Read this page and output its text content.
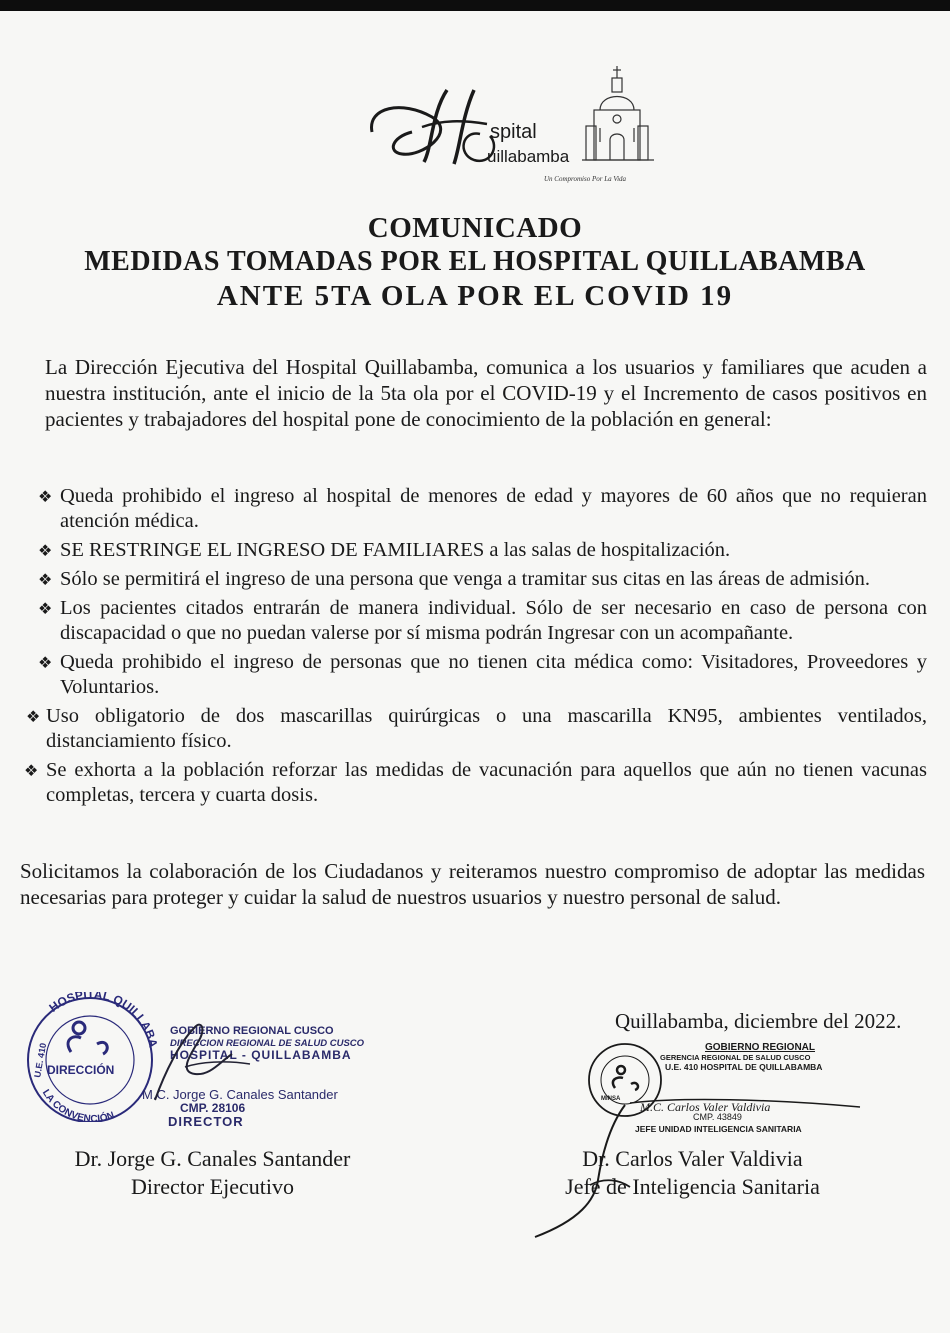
spital
uillabamba
Un Compromiso Por La Vida
COMUNICADO
MEDIDAS TOMADAS POR EL HOSPITAL QUILLABAMBA
ANTE 5TA OLA POR EL COVID 19
La Dirección Ejecutiva del Hospital Quillabamba, comunica a los usuarios y familiares que acuden a nuestra institución, ante el inicio de la 5ta ola por el COVID-19 y el Incremento de casos positivos en pacientes y trabajadores del hospital pone de conocimiento de la población en general:
❖ Queda prohibido el ingreso al hospital de menores de edad y mayores de 60 años que no requieran atención médica.
❖ SE RESTRINGE EL INGRESO DE FAMILIARES a las salas de hospitalización.
❖ Sólo se permitirá el ingreso de una persona que venga a tramitar sus citas en las áreas de admisión.
❖ Los pacientes citados entrarán de manera individual. Sólo de ser necesario en caso de persona con discapacidad o que no puedan valerse por sí misma podrán Ingresar con un acompañante.
❖ Queda prohibido el ingreso de personas que no tienen cita médica como: Visitadores, Proveedores y Voluntarios.
❖ Uso obligatorio de dos mascarillas quirúrgicas o una mascarilla KN95, ambientes ventilados, distanciamiento físico.
❖ Se exhorta a la población reforzar las medidas de vacunación para aquellos que aún no tienen vacunas completas, tercera y cuarta dosis.
Solicitamos la colaboración de los Ciudadanos y reiteramos nuestro compromiso de adoptar las medidas necesarias para proteger y cuidar la salud de nuestros usuarios y nuestro personal de salud.
Quillabamba, diciembre del 2022.
HOSPITAL QUILLABA
U.E. 410
LA CONVENCIÓN
DIRECCIÓN
GOBIERNO REGIONAL CUSCO
DIRECCION REGIONAL DE SALUD CUSCO
HOSPITAL - QUILLABAMBA
M.C. Jorge G. Canales Santander
CMP. 28106
DIRECTOR
MINSA
GOBIERNO REGIONAL
GERENCIA REGIONAL DE SALUD CUSCO
U.E. 410 HOSPITAL DE QUILLABAMBA
M.C. Carlos Valer Valdivia
CMP. 43849
JEFE UNIDAD INTELIGENCIA SANITARIA
Dr. Jorge G. Canales Santander
Director Ejecutivo
Dr. Carlos Valer Valdivia
Jefe de Inteligencia Sanitaria
